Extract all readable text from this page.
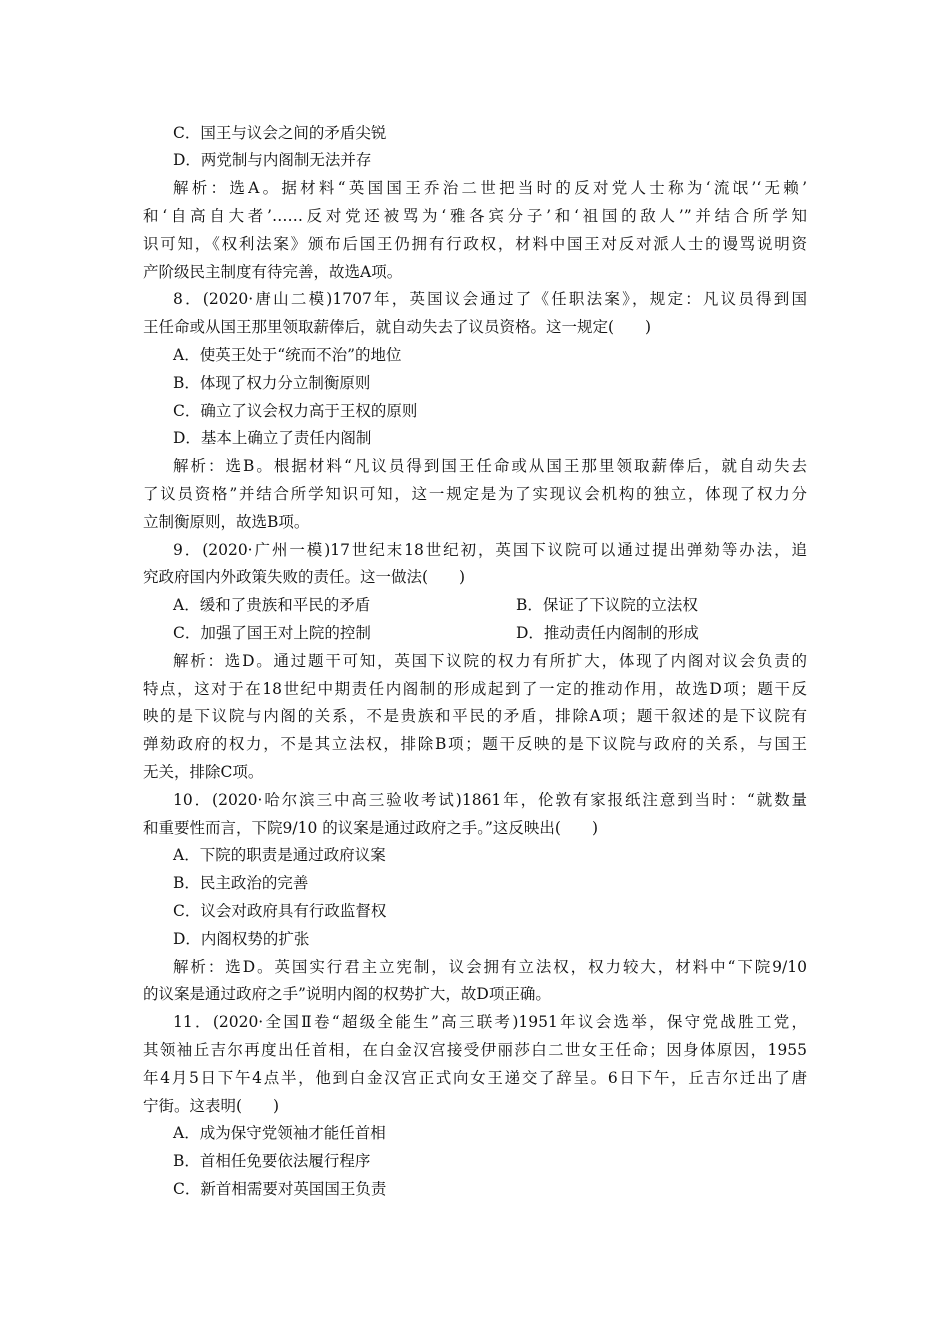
C．国王与议会之间的矛盾尖锐
D．两党制与内阁制无法并存
解析：选A。据材料“英国国王乔治二世把当时的反对党人士称为‘流氓’‘无赖’
和‘自高自大者’……反对党还被骂为‘雅各宾分子’和‘祖国的敌人’”并结合所学知
识可知，《权利法案》颁布后国王仍拥有行政权，材料中国王对反对派人士的谩骂说明资
产阶级民主制度有待完善，故选A项。
8．(2020·唐山二模)1707年，英国议会通过了《任职法案》，规定：凡议员得到国
王任命或从国王那里领取薪俸后，就自动失去了议员资格。这一规定(　　)
A．使英王处于“统而不治”的地位
B．体现了权力分立制衡原则
C．确立了议会权力高于王权的原则
D．基本上确立了责任内阁制
解析：选B。根据材料“凡议员得到国王任命或从国王那里领取薪俸后，就自动失去
了议员资格”并结合所学知识可知，这一规定是为了实现议会机构的独立，体现了权力分
立制衡原则，故选B项。
9．(2020·广州一模)17世纪末18世纪初，英国下议院可以通过提出弹劾等办法，追
究政府国内外政策失败的责任。这一做法(　　)
A．缓和了贵族和平民的矛盾	B．保证了下议院的立法权
C．加强了国王对上院的控制	D．推动责任内阁制的形成
解析：选D。通过题干可知，英国下议院的权力有所扩大，体现了内阁对议会负责的
特点，这对于在18世纪中期责任内阁制的形成起到了一定的推动作用，故选D项；题干反
映的是下议院与内阁的关系，不是贵族和平民的矛盾，排除A项；题干叙述的是下议院有
弹劾政府的权力，不是其立法权，排除B项；题干反映的是下议院与政府的关系，与国王
无关，排除C项。
10．(2020·哈尔滨三中高三验收考试)1861年，伦敦有家报纸注意到当时：“就数量
和重要性而言，下院9/10 的议案是通过政府之手。”这反映出(　　)
A．下院的职责是通过政府议案
B．民主政治的完善
C．议会对政府具有行政监督权
D．内阁权势的扩张
解析：选D。英国实行君主立宪制，议会拥有立法权，权力较大，材料中“下院9/10
的议案是通过政府之手”说明内阁的权势扩大，故D项正确。
11．(2020·全国Ⅱ卷“超级全能生”高三联考)1951年议会选举，保守党战胜工党，
其领袖丘吉尔再度出任首相，在白金汉宫接受伊丽莎白二世女王任命；因身体原因，1955
年4月5日下午4点半，他到白金汉宫正式向女王递交了辞呈。6日下午，丘吉尔迁出了唐
宁街。这表明(　　)
A．成为保守党领袖才能任首相
B．首相任免要依法履行程序
C．新首相需要对英国国王负责
